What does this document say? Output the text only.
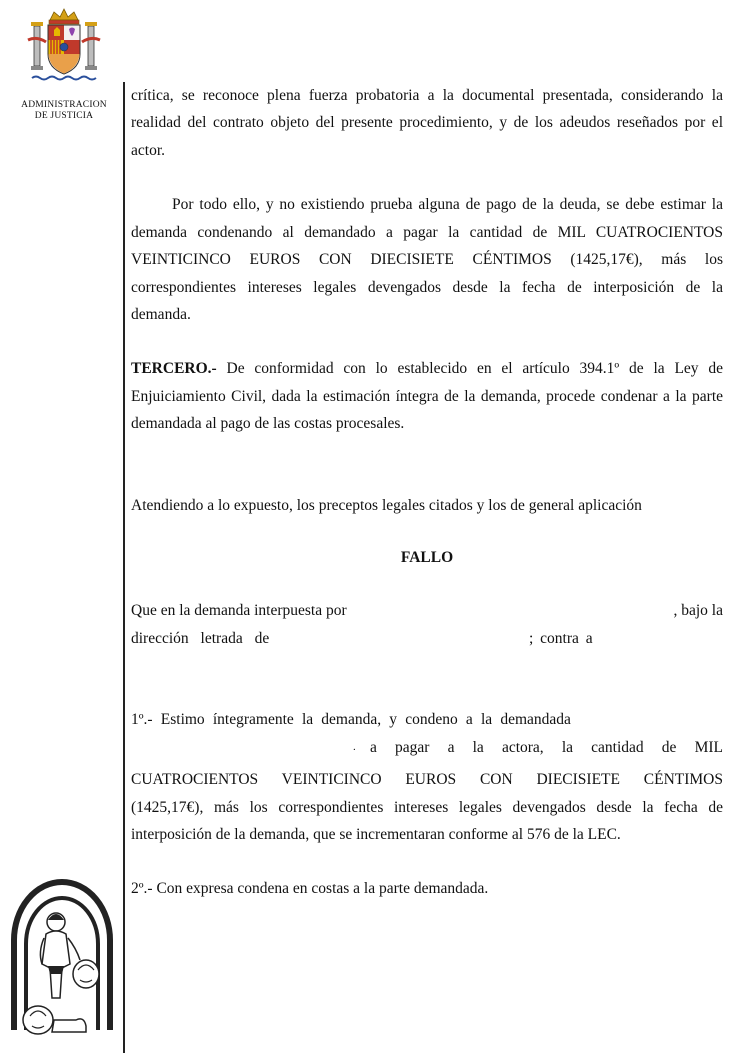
ADMINISTRACION
DE JUSTICIA
crítica, se reconoce plena fuerza probatoria a la documental presentada, considerando la
realidad del contrato objeto del presente procedimiento, y de los adeudos reseñados por el
actor.
Por todo ello, y no existiendo prueba alguna de pago de la deuda, se debe estimar la
demanda condenando al demandado a pagar la cantidad de MIL CUATROCIENTOS
VEINTICINCO EUROS CON DIECISIETE CÉNTIMOS (1425,17€), más los
correspondientes intereses legales devengados desde la fecha de interposición de la
demanda.
TERCERO.- De conformidad con lo establecido en el artículo 394.1º de la Ley de
Enjuiciamiento Civil, dada la estimación íntegra de la demanda, procede condenar a la parte
demandada al pago de las costas procesales.
Atendiendo a lo expuesto, los preceptos legales citados y los de general aplicación
FALLO
Que en la demanda interpuesta por	, bajo la
dirección letrada de	; contra a
1º.- Estimo íntegramente la demanda, y condeno a la demandada
. a pagar a la actora, la cantidad de MIL
CUATROCIENTOS VEINTICINCO EUROS CON DIECISIETE CÉNTIMOS
(1425,17€), más los correspondientes intereses legales devengados desde la fecha de
interposición de la demanda, que se incrementaran conforme al 576 de la LEC.
2º.- Con expresa condena en costas a la parte demandada.
